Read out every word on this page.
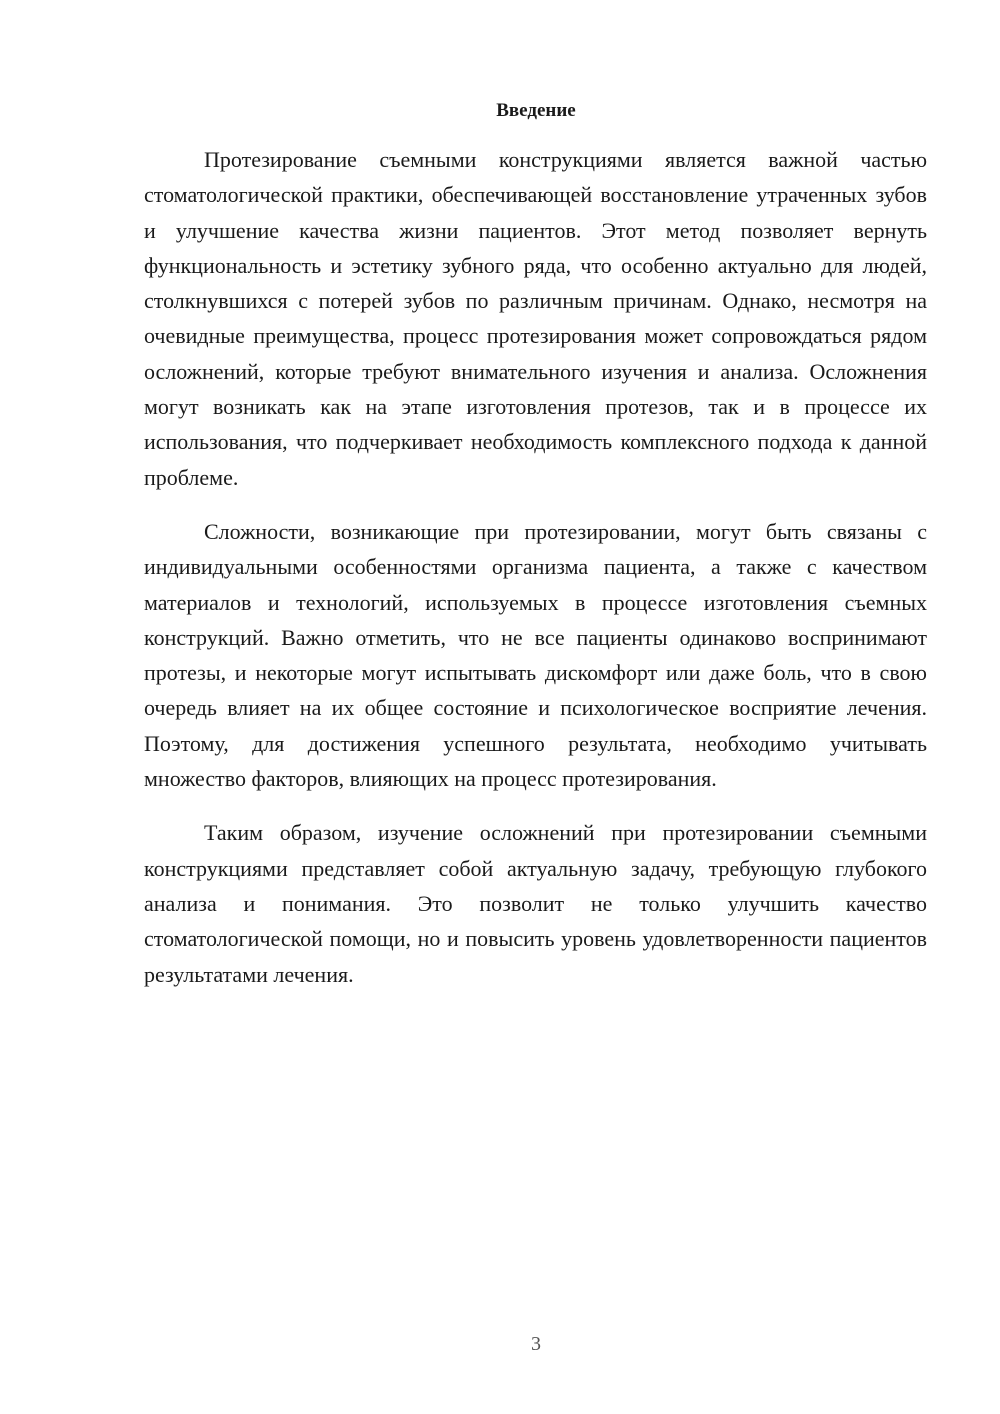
Введение

Протезирование съемными конструкциями является важной частью стоматологической практики, обеспечивающей восстановление утраченных зубов и улучшение качества жизни пациентов. Этот метод позволяет вернуть функциональность и эстетику зубного ряда, что особенно актуально для людей, столкнувшихся с потерей зубов по различным причинам. Однако, несмотря на очевидные преимущества, процесс протезирования может сопровождаться рядом осложнений, которые требуют внимательного изучения и анализа. Осложнения могут возникать как на этапе изготовления протезов, так и в процессе их использования, что подчеркивает необходимость комплексного подхода к данной проблеме.

Сложности, возникающие при протезировании, могут быть связаны с индивидуальными особенностями организма пациента, а также с качеством материалов и технологий, используемых в процессе изготовления съемных конструкций. Важно отметить, что не все пациенты одинаково воспринимают протезы, и некоторые могут испытывать дискомфорт или даже боль, что в свою очередь влияет на их общее состояние и психологическое восприятие лечения. Поэтому, для достижения успешного результата, необходимо учитывать множество факторов, влияющих на процесс протезирования.

Таким образом, изучение осложнений при протезировании съемными конструкциями представляет собой актуальную задачу, требующую глубокого анализа и понимания. Это позволит не только улучшить качество стоматологической помощи, но и повысить уровень удовлетворенности пациентов результатами лечения.

3
